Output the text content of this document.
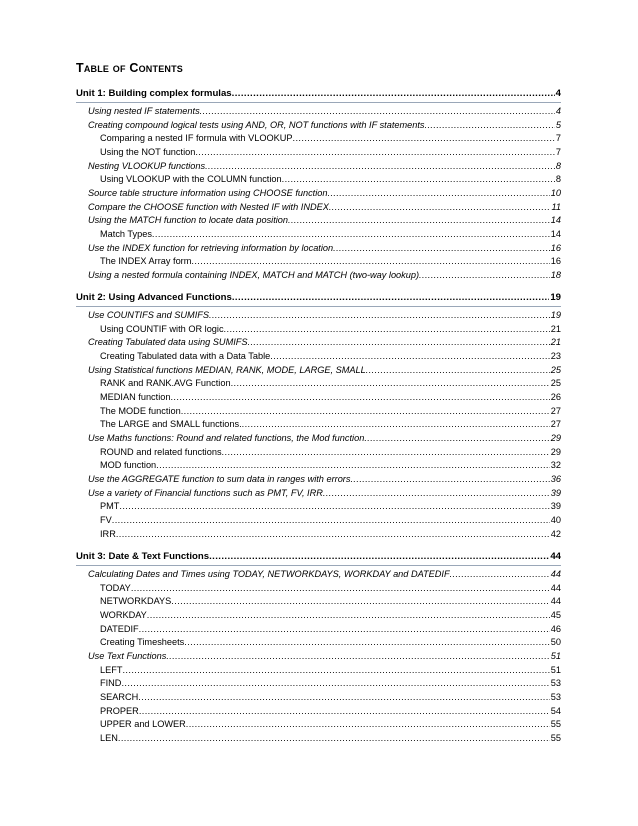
Table of Contents
Unit 1: Building complex formulas .....	4
Using nested IF statements .....	4
Creating compound logical tests using AND, OR, NOT functions with IF statements .....	5
Comparing a nested IF formula with VLOOKUP .....	7
Using the NOT function .....	7
Nesting VLOOKUP functions .....	8
Using VLOOKUP with the COLUMN function .....	8
Source table structure information using CHOOSE function .....	10
Compare the CHOOSE function with Nested IF with INDEX .....	11
Using the MATCH function to locate data position .....	14
Match Types .....	14
Use the INDEX function for retrieving information by location .....	16
The INDEX Array form .....	16
Using a nested formula containing INDEX, MATCH and MATCH (two-way lookup) .....	18
Unit 2: Using Advanced Functions .....	19
Use COUNTIFS and SUMIFS .....	19
Using COUNTIF with OR logic .....	21
Creating Tabulated data using SUMIFS .....	21
Creating Tabulated data with a Data Table .....	23
Using Statistical functions MEDIAN, RANK, MODE, LARGE, SMALL .....	25
RANK and RANK.AVG Function .....	25
MEDIAN function .....	26
The MODE function .....	27
The LARGE and SMALL functions. .....	27
Use Maths functions: Round and related functions, the Mod function .....	29
ROUND and related functions .....	29
MOD function .....	32
Use the AGGREGATE function to sum data in ranges with errors .....	36
Use a variety of Financial functions such as PMT, FV, IRR .....	39
PMT .....	39
FV .....	40
IRR .....	42
Unit 3: Date & Text Functions .....	44
Calculating Dates and Times using TODAY, NETWORKDAYS, WORKDAY and DATEDIF .....	44
TODAY .....	44
NETWORKDAYS .....	44
WORKDAY .....	45
DATEDIF .....	46
Creating Timesheets .....	50
Use Text Functions .....	51
LEFT .....	51
FIND .....	53
SEARCH .....	53
PROPER .....	54
UPPER and LOWER .....	55
LEN .....	55
